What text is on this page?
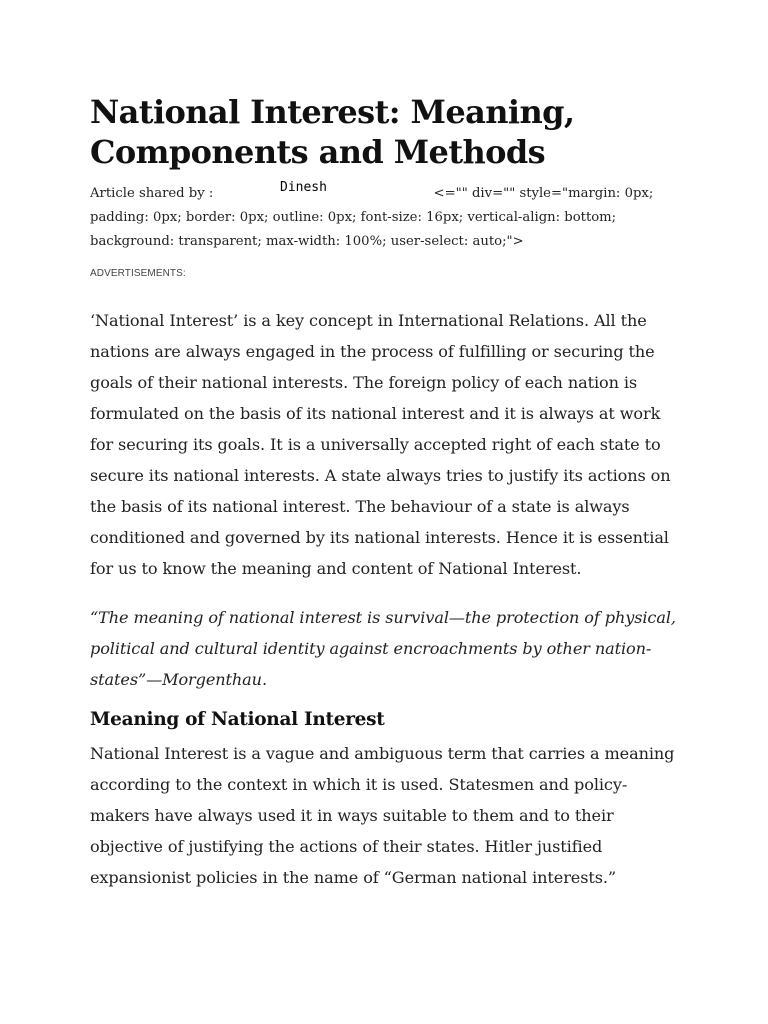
National Interest: Meaning, Components and Methods
Article shared by :	Dinesh	<="" div="" style="margin: 0px; padding: 0px; border: 0px; outline: 0px; font-size: 16px; vertical-align: bottom; background: transparent; max-width: 100%; user-select: auto;">
ADVERTISEMENTS:

‘National Interest’ is a key concept in International Relations. All the nations are always engaged in the process of fulfilling or securing the goals of their national interests. The foreign policy of each nation is formulated on the basis of its national interest and it is always at work for securing its goals. It is a universally accepted right of each state to secure its national interests. A state always tries to justify its actions on the basis of its national interest. The behaviour of a state is always conditioned and governed by its national interests. Hence it is essential for us to know the meaning and content of National Interest.

“The meaning of national interest is survival—the protection of physical, political and cultural identity against encroachments by other nation-states”—Morgenthau.

Meaning of National Interest

National Interest is a vague and ambiguous term that carries a meaning according to the context in which it is used. Statesmen and policy-makers have always used it in ways suitable to them and to their objective of justifying the actions of their states. Hitler justified expansionist policies in the name of “German national interests.”
